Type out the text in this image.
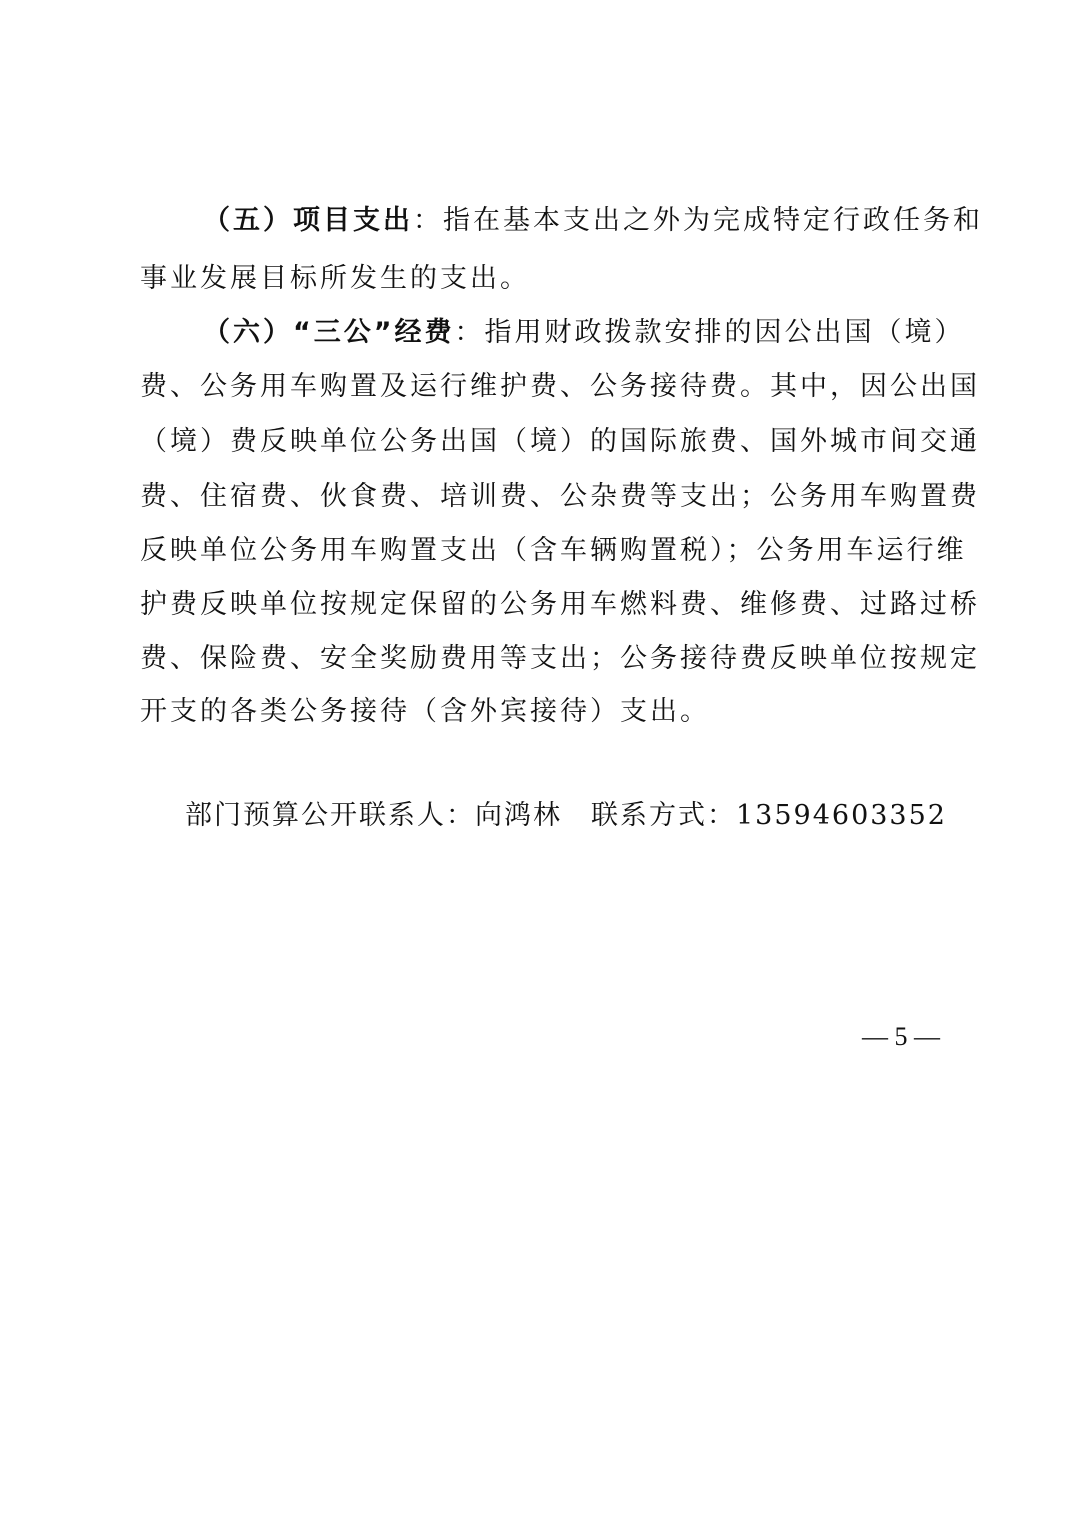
（五）项目支出：指在基本支出之外为完成特定行政任务和
事业发展目标所发生的支出。
（六）“三公”经费：指用财政拨款安排的因公出国（境）
费、公务用车购置及运行维护费、公务接待费。其中，因公出国
（境）费反映单位公务出国（境）的国际旅费、国外城市间交通
费、住宿费、伙食费、培训费、公杂费等支出；公务用车购置费
反映单位公务用车购置支出（含车辆购置税）；公务用车运行维
护费反映单位按规定保留的公务用车燃料费、维修费、过路过桥
费、保险费、安全奖励费用等支出；公务接待费反映单位按规定
开支的各类公务接待（含外宾接待）支出。
部门预算公开联系人：向鸿林　联系方式：13594603352
— 5 —
